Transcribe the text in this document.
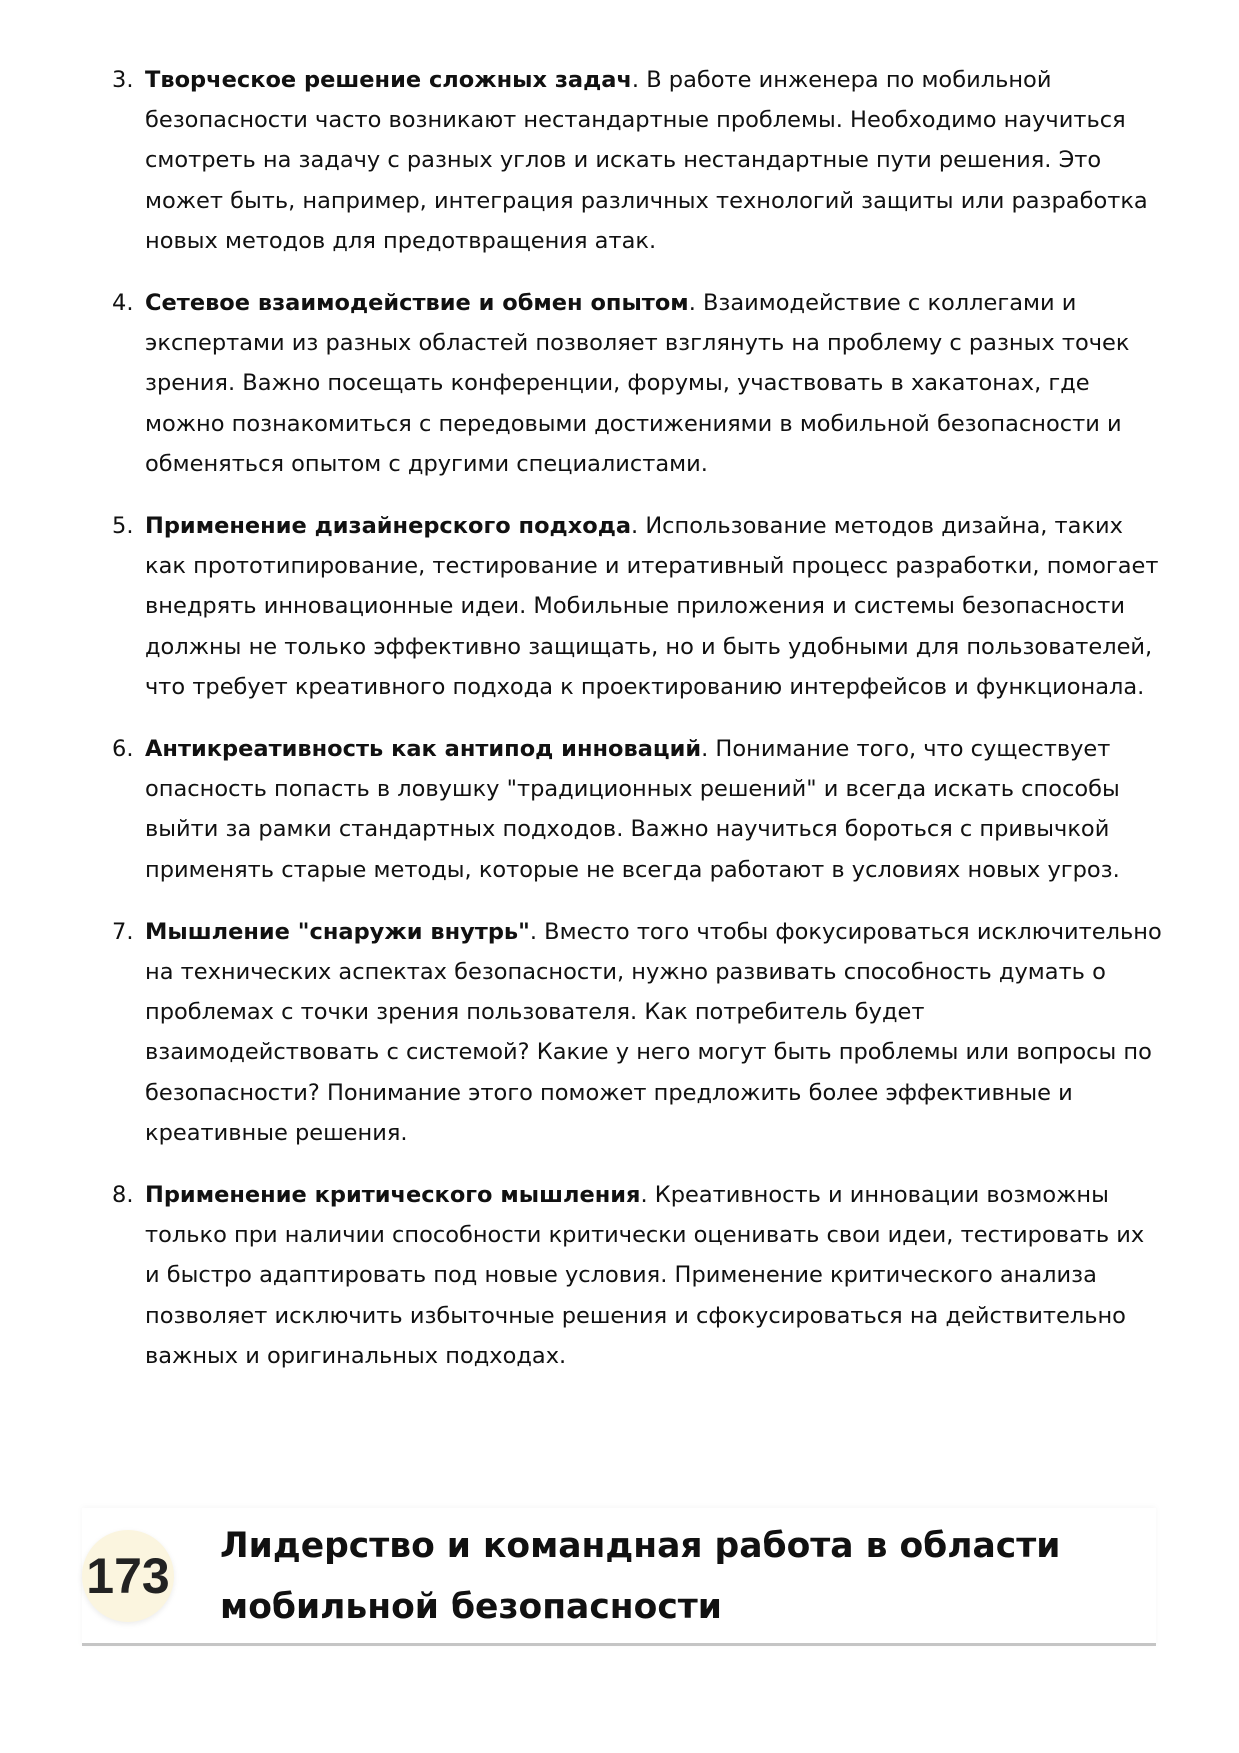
3. Творческое решение сложных задач. В работе инженера по мобильной безопасности часто возникают нестандартные проблемы. Необходимо научиться смотреть на задачу с разных углов и искать нестандартные пути решения. Это может быть, например, интеграция различных технологий защиты или разработка новых методов для предотвращения атак.
4. Сетевое взаимодействие и обмен опытом. Взаимодействие с коллегами и экспертами из разных областей позволяет взглянуть на проблему с разных точек зрения. Важно посещать конференции, форумы, участвовать в хакатонах, где можно познакомиться с передовыми достижениями в мобильной безопасности и обменяться опытом с другими специалистами.
5. Применение дизайнерского подхода. Использование методов дизайна, таких как прототипирование, тестирование и итеративный процесс разработки, помогает внедрять инновационные идеи. Мобильные приложения и системы безопасности должны не только эффективно защищать, но и быть удобными для пользователей, что требует креативного подхода к проектированию интерфейсов и функционала.
6. Антикреативность как антипод инноваций. Понимание того, что существует опасность попасть в ловушку "традиционных решений" и всегда искать способы выйти за рамки стандартных подходов. Важно научиться бороться с привычкой применять старые методы, которые не всегда работают в условиях новых угроз.
7. Мышление "снаружи внутрь". Вместо того чтобы фокусироваться исключительно на технических аспектах безопасности, нужно развивать способность думать о проблемах с точки зрения пользователя. Как потребитель будет взаимодействовать с системой? Какие у него могут быть проблемы или вопросы по безопасности? Понимание этого поможет предложить более эффективные и креативные решения.
8. Применение критического мышления. Креативность и инновации возможны только при наличии способности критически оценивать свои идеи, тестировать их и быстро адаптировать под новые условия. Применение критического анализа позволяет исключить избыточные решения и сфокусироваться на действительно важных и оригинальных подходах.
173
Лидерство и командная работа в области мобильной безопасности
